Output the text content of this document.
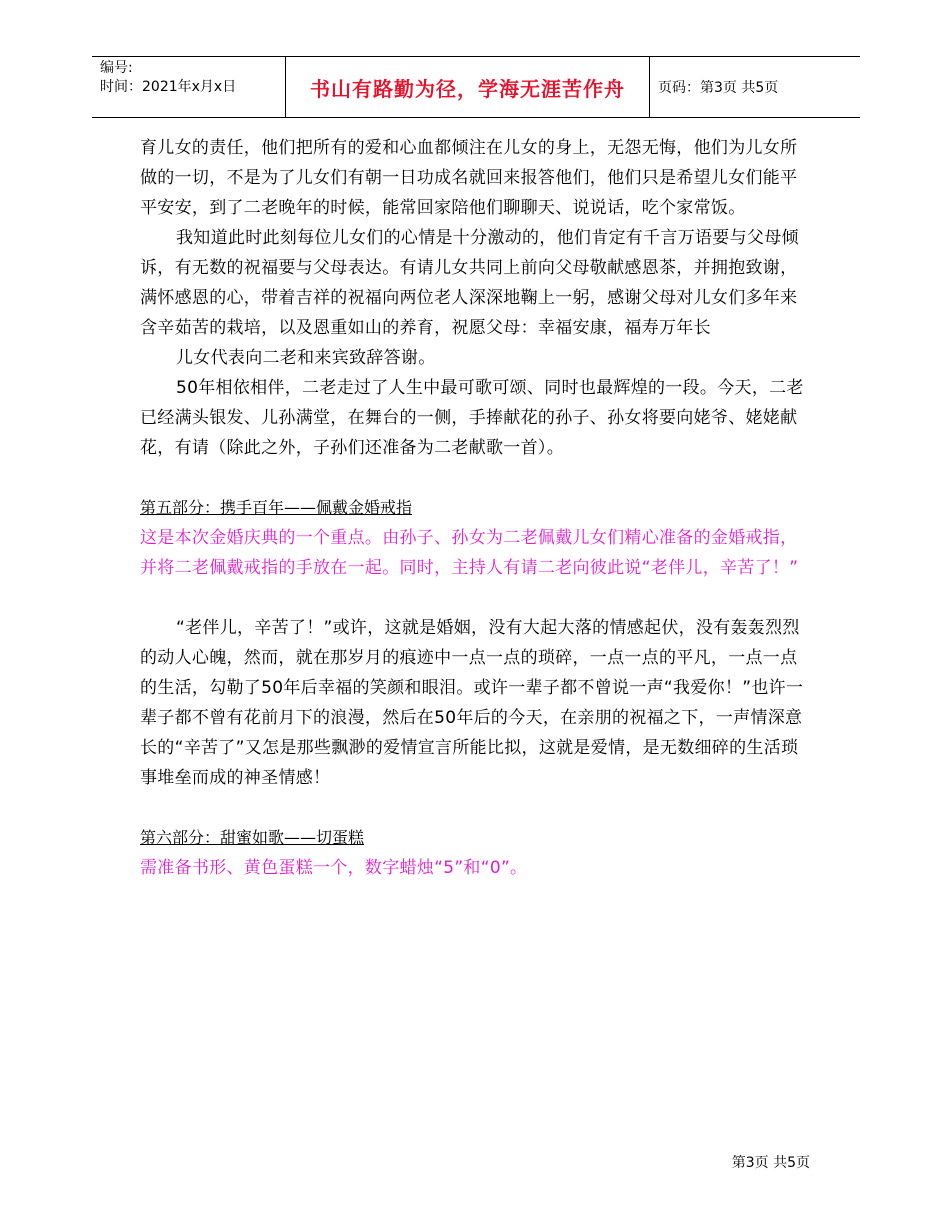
编号:
时间：2021年x月x日	书山有路勤为径，学海无涯苦作舟	页码：第3页 共5页

育儿女的责任，他们把所有的爱和心血都倾注在儿女的身上，无怨无悔，他们为儿女所做的一切，不是为了儿女们有朝一日功成名就回来报答他们，他们只是希望儿女们能平平安安，到了二老晚年的时候，能常回家陪他们聊聊天、说说话，吃个家常饭。

我知道此时此刻每位儿女们的心情是十分激动的，他们肯定有千言万语要与父母倾诉，有无数的祝福要与父母表达。有请儿女共同上前向父母敬献感恩茶，并拥抱致谢，满怀感恩的心，带着吉祥的祝福向两位老人深深地鞠上一躬，感谢父母对儿女们多年来含辛茹苦的栽培，以及恩重如山的养育，祝愿父母：幸福安康，福寿万年长

儿女代表向二老和来宾致辞答谢。

50年相依相伴，二老走过了人生中最可歌可颂、同时也最辉煌的一段。今天，二老已经满头银发、儿孙满堂，在舞台的一侧，手捧献花的孙子、孙女将要向姥爷、姥姥献花，有请（除此之外，子孙们还准备为二老献歌一首）。

第五部分：携手百年——佩戴金婚戒指

这是本次金婚庆典的一个重点。由孙子、孙女为二老佩戴儿女们精心准备的金婚戒指，并将二老佩戴戒指的手放在一起。同时，主持人有请二老向彼此说“老伴儿，辛苦了！”

“老伴儿，辛苦了！”或许，这就是婚姻，没有大起大落的情感起伏，没有轰轰烈烈的动人心魄，然而，就在那岁月的痕迹中一点一点的琐碎，一点一点的平凡，一点一点的生活，勾勒了50年后幸福的笑颜和眼泪。或许一辈子都不曾说一声“我爱你！”也许一辈子都不曾有花前月下的浪漫，然后在50年后的今天，在亲朋的祝福之下，一声情深意长的“辛苦了”又怎是那些飘渺的爱情宣言所能比拟，这就是爱情，是无数细碎的生活琐事堆垒而成的神圣情感！

第六部分：甜蜜如歌——切蛋糕

需准备书形、黄色蛋糕一个，数字蜡烛“5”和“0”。

第3页 共5页
